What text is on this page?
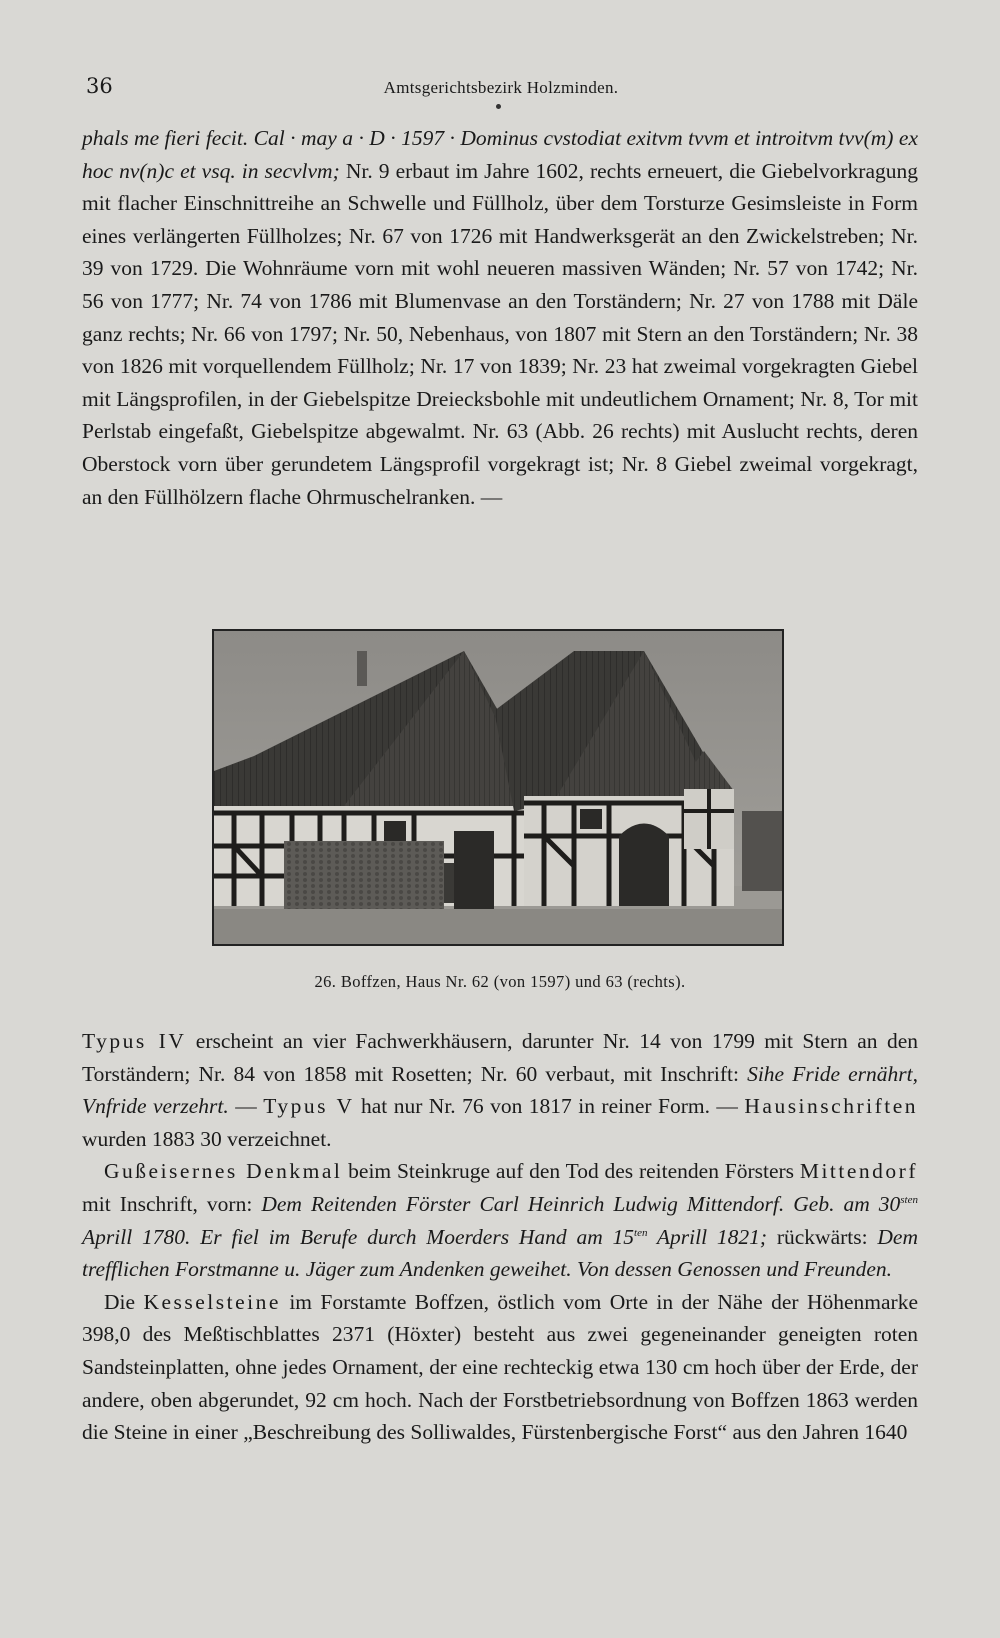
36	Amtsgerichtsbezirk Holzminden.

phals me fieri fecit. Cal · may a · D · 1597 · Dominus cvstodiat exitvm tvvm et introitvm tvv(m) ex hoc nv(n)c et vsq. in secvlvm; Nr. 9 erbaut im Jahre 1602, rechts erneuert, die Giebelvorkragung mit flacher Einschnittreihe an Schwelle und Füllholz, über dem Torsturze Gesimsleiste in Form eines verlängerten Füllholzes; Nr. 67 von 1726 mit Handwerksgerät an den Zwickelstreben; Nr. 39 von 1729. Die Wohnräume vorn mit wohl neueren massiven Wänden; Nr. 57 von 1742; Nr. 56 von 1777; Nr. 74 von 1786 mit Blumenvase an den Torständern; Nr. 27 von 1788 mit Däle ganz rechts; Nr. 66 von 1797; Nr. 50, Nebenhaus, von 1807 mit Stern an den Torständern; Nr. 38 von 1826 mit vorquellendem Füllholz; Nr. 17 von 1839; Nr. 23 hat zweimal vorgekragten Giebel mit Längsprofilen, in der Giebelspitze Dreiecksbohle mit undeutlichem Ornament; Nr. 8, Tor mit Perlstab eingefaßt, Giebelspitze abgewalmt. Nr. 63 (Abb. 26 rechts) mit Auslucht rechts, deren Oberstock vorn über gerundetem Längsprofil vorgekragt ist; Nr. 8 Giebel zweimal vorgekragt, an den Füllhölzern flache Ohrmuschelranken. —

26. Boffzen, Haus Nr. 62 (von 1597) und 63 (rechts).

Typus IV erscheint an vier Fachwerkhäusern, darunter Nr. 14 von 1799 mit Stern an den Torständern; Nr. 84 von 1858 mit Rosetten; Nr. 60 verbaut, mit Inschrift: Sihe Fride ernährt, Vnfride verzehrt. — Typus V hat nur Nr. 76 von 1817 in reiner Form. — Hausinschriften wurden 1883 30 verzeichnet.

Gußeisernes Denkmal beim Steinkruge auf den Tod des reitenden Försters Mittendorf mit Inschrift, vorn: Dem Reitenden Förster Carl Heinrich Ludwig Mittendorf. Geb. am $30^{sten}$ Aprill 1780. Er fiel im Berufe durch Moerders Hand am $15^{ten}$ Aprill 1821; rückwärts: Dem trefflichen Forstmanne u. Jäger zum Andenken geweihet. Von dessen Genossen und Freunden.

Die Kesselsteine im Forstamte Boffzen, östlich vom Orte in der Nähe der Höhenmarke 398,0 des Meßtischblattes 2371 (Höxter) besteht aus zwei gegeneinander geneigten roten Sandsteinplatten, ohne jedes Ornament, der eine rechteckig etwa 130 cm hoch über der Erde, der andere, oben abgerundet, 92 cm hoch. Nach der Forstbetriebsordnung von Boffzen 1863 werden die Steine in einer „Beschreibung des Solliwaldes, Fürstenbergische Forst“ aus den Jahren 1640
